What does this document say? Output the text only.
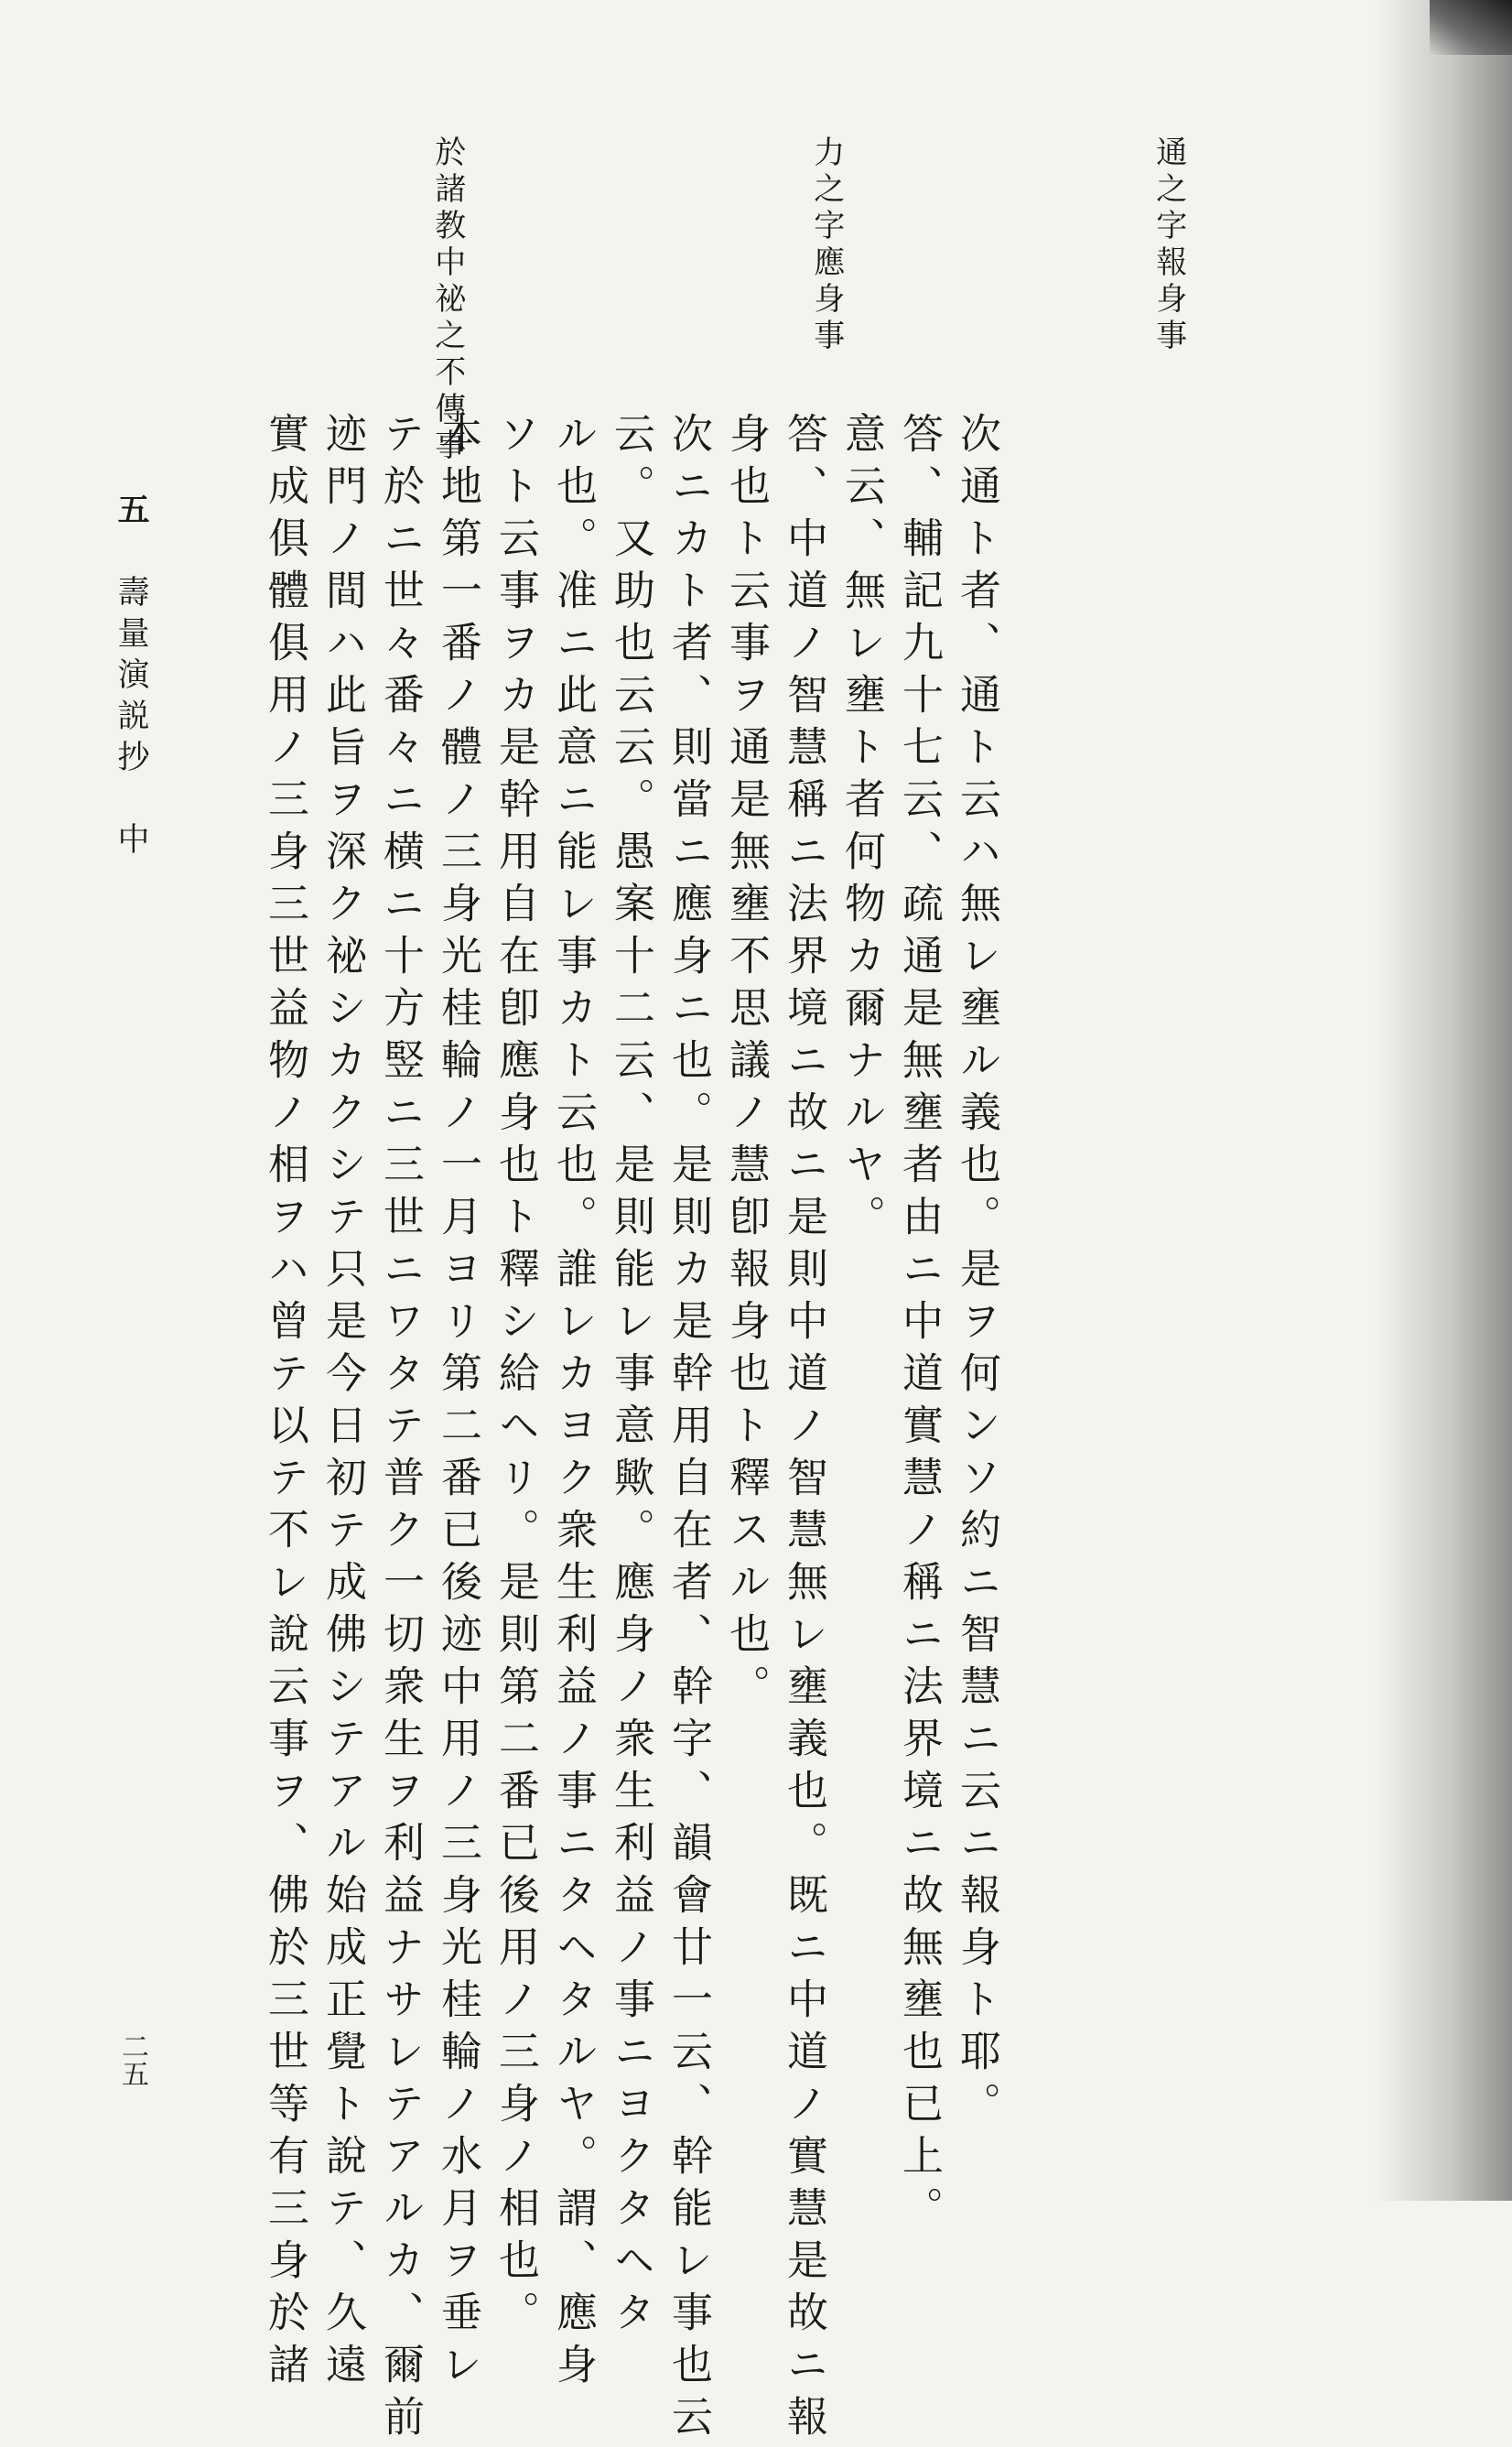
通之字報身事
力之字應身事
於諸教中祕之不傳事
次通ト者、通ト云ハ無レ壅ル義也。是ヲ何ンソ約ニ智慧ニ云ニ報身ト耶。
答、輔記九十七云、疏通是無壅者由ニ中道實慧ノ稱ニ法界境ニ故無壅也已上。
意云、無レ壅ト者何物カ爾ナルヤ。
答、中道ノ智慧稱ニ法界境ニ故ニ是則中道ノ智慧無レ壅義也。既ニ中道ノ實慧是故ニ報
身也ト云事ヲ通是無壅不思議ノ慧卽報身也ト釋スル也。
次ニカト者、則當ニ應身ニ也。是則カ是幹用自在者、幹字、韻會廿一云、幹能レ事也云
云。又助也云云。愚案十二云、是則能レ事意歟。應身ノ衆生利益ノ事ニヨクタヘタ
ル也。准ニ此意ニ能レ事カト云也。誰レカヨク衆生利益ノ事ニタヘタルヤ。謂、應身
ソト云事ヲカ是幹用自在卽應身也ト釋シ給ヘリ。是則第二番已後用ノ三身ノ相也。
本地第一番ノ體ノ三身光桂輪ノ一月ヨリ第二番已後迹中用ノ三身光桂輪ノ水月ヲ垂レ
テ於ニ世々番々ニ横ニ十方竪ニ三世ニワタテ普ク一切衆生ヲ利益ナサレテアルカ、爾前
迹門ノ間ハ此旨ヲ深ク祕シカクシテ只是今日初テ成佛シテアル始成正覺ト說テ、久遠
實成俱體俱用ノ三身三世益物ノ相ヲハ曾テ以テ不レ說云事ヲ、佛於三世等有三身於諸
五　壽量演説抄　中
二五
